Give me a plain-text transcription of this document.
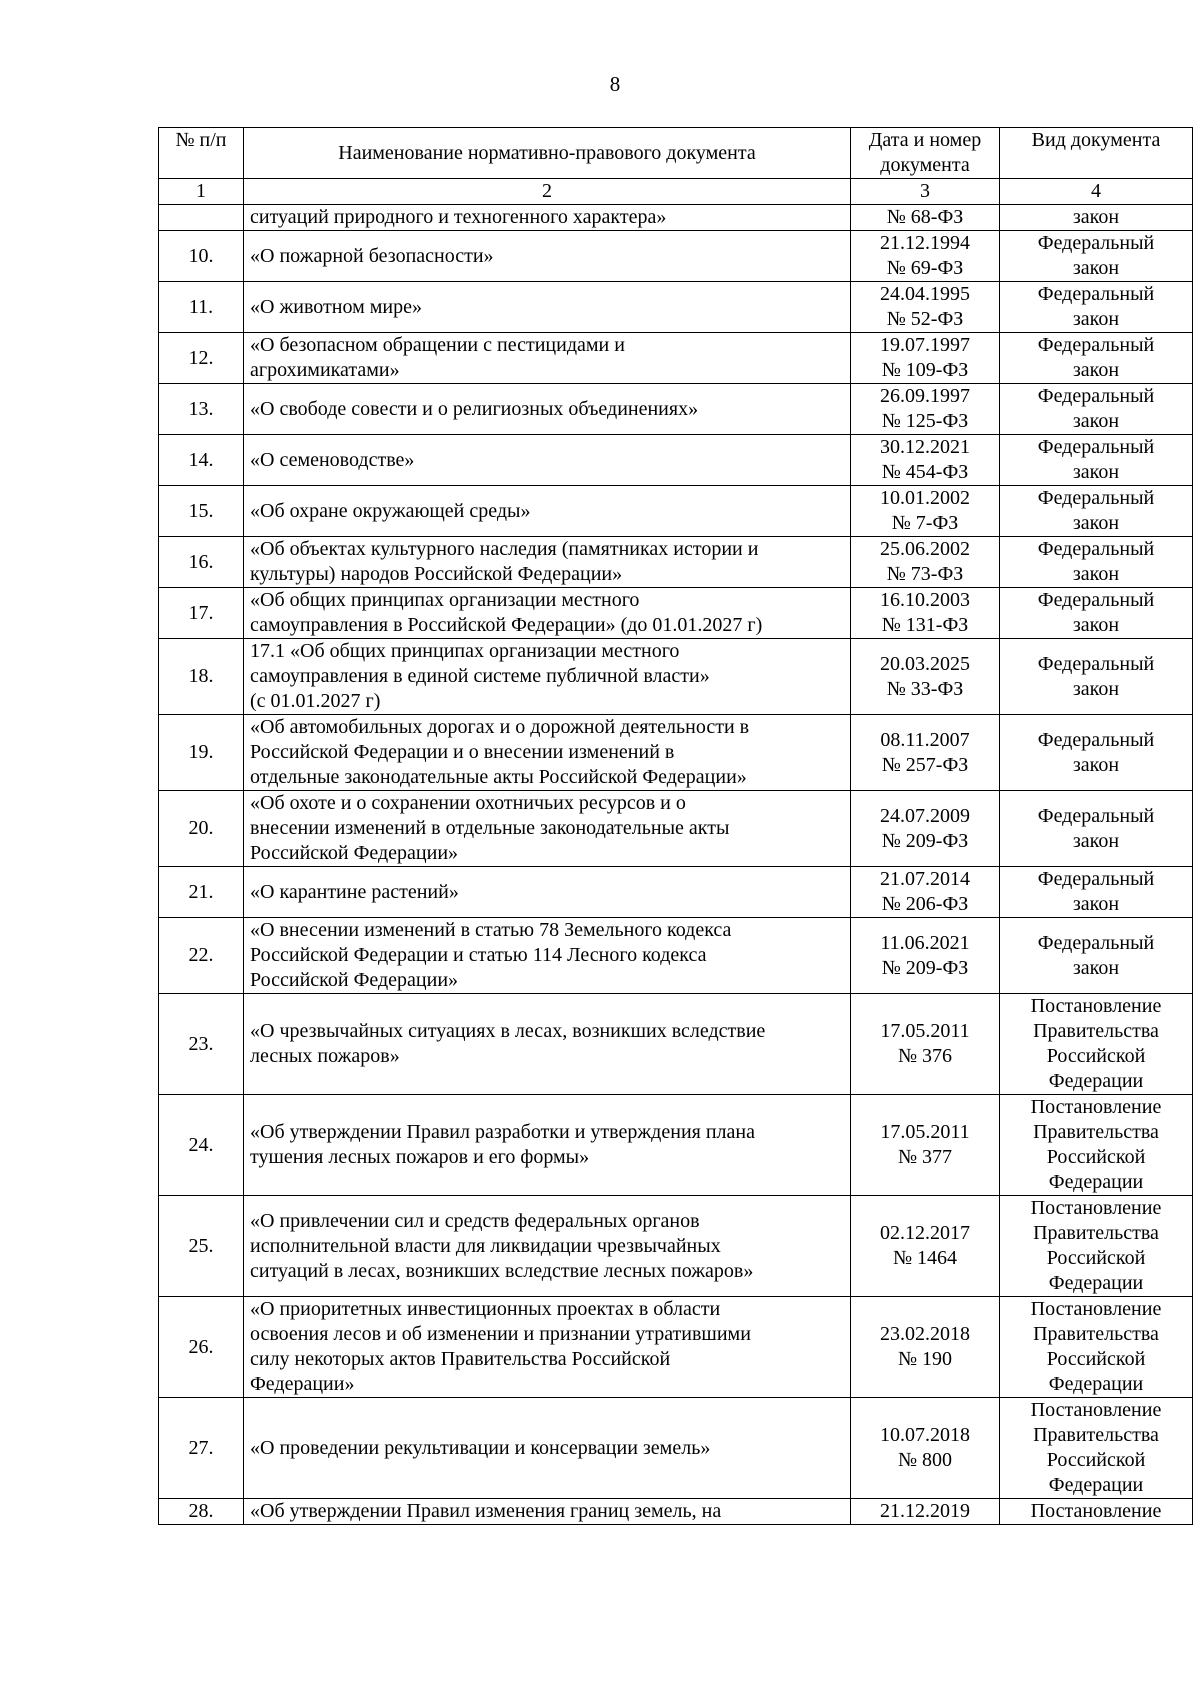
8
№ п/п	Наименование нормативно-правового документа	Дата и номер
документа	Вид документа
1	2	3	4

	ситуаций природного и техногенного характера»	№ 68-ФЗ	закон

10.	«О пожарной безопасности»	21.12.1994
№ 69-ФЗ	Федеральный
закон

11.	«О животном мире»	24.04.1995
№ 52-ФЗ	Федеральный
закон

12.	«О безопасном обращении с пестицидами и
агрохимикатами»	19.07.1997
№ 109-ФЗ	Федеральный
закон

13.	«О свободе совести и о религиозных объединениях»	26.09.1997
№ 125-ФЗ	Федеральный
закон

14.	«О семеноводстве»	30.12.2021
№ 454-ФЗ	Федеральный
закон

15.	«Об охране окружающей среды»	10.01.2002
№ 7-ФЗ	Федеральный
закон

16.	«Об объектах культурного наследия (памятниках истории и
культуры) народов Российской Федерации»	25.06.2002
№ 73-ФЗ	Федеральный
закон

17.	«Об общих принципах организации местного
самоуправления в Российской Федерации» (до 01.01.2027 г)	16.10.2003
№ 131-ФЗ	Федеральный
закон

18.	17.1 «Об общих принципах организации местного
самоуправления в единой системе публичной власти»
(с 01.01.2027 г)	20.03.2025
№ 33-ФЗ	Федеральный
закон

19.	«Об автомобильных дорогах и о дорожной деятельности в
Российской Федерации и о внесении изменений в
отдельные законодательные акты Российской Федерации»	08.11.2007
№ 257-ФЗ	Федеральный
закон

20.	«Об охоте и о сохранении охотничьих ресурсов и о
внесении изменений в отдельные законодательные акты
Российской Федерации»	24.07.2009
№ 209-ФЗ	Федеральный
закон

21.	«О карантине растений»	21.07.2014
№ 206-ФЗ	Федеральный
закон

22.	«О внесении изменений в статью 78 Земельного кодекса
Российской Федерации и статью 114 Лесного кодекса
Российской Федерации»	11.06.2021
№ 209-ФЗ	Федеральный
закон

23.	«О чрезвычайных ситуациях в лесах, возникших вследствие
лесных пожаров»	17.05.2011
№ 376	Постановление
Правительства
Российской
Федерации

24.	«Об утверждении Правил разработки и утверждения плана
тушения лесных пожаров и его формы»	17.05.2011
№ 377	Постановление
Правительства
Российской
Федерации

25.	«О привлечении сил и средств федеральных органов
исполнительной власти для ликвидации чрезвычайных
ситуаций в лесах, возникших вследствие лесных пожаров»	02.12.2017
№ 1464	Постановление
Правительства
Российской
Федерации

26.	«О приоритетных инвестиционных проектах в области
освоения лесов и об изменении и признании утратившими
силу некоторых актов Правительства Российской
Федерации»	23.02.2018
№ 190	Постановление
Правительства
Российской
Федерации

27.	«О проведении рекультивации и консервации земель»	10.07.2018
№ 800	Постановление
Правительства
Российской
Федерации

28.	«Об утверждении Правил изменения границ земель, на	21.12.2019	Постановление
